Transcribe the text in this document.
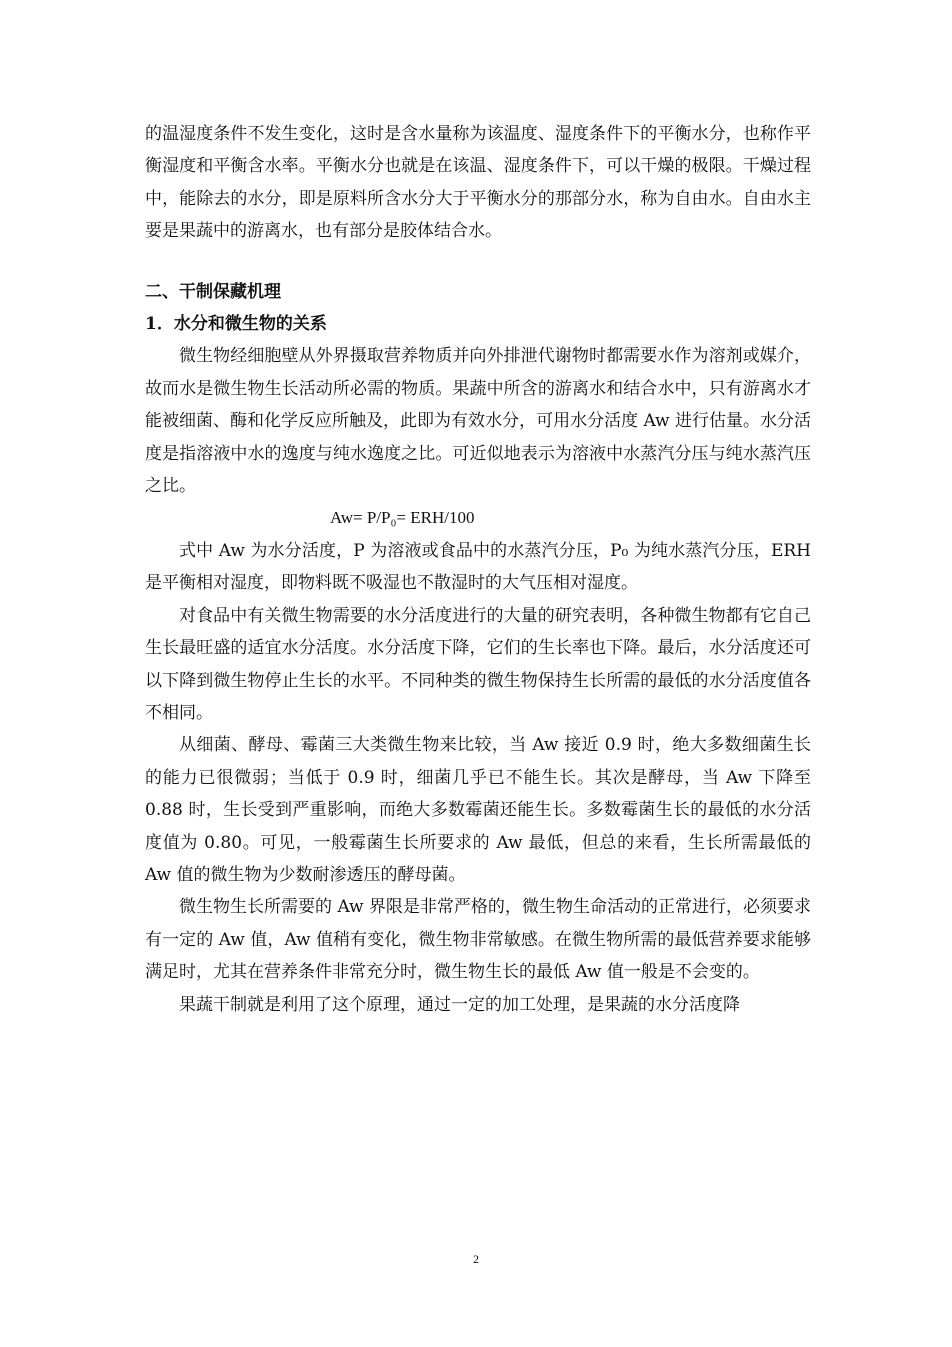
的温湿度条件不发生变化，这时是含水量称为该温度、湿度条件下的平衡水分，也称作平衡湿度和平衡含水率。平衡水分也就是在该温、湿度条件下，可以干燥的极限。干燥过程中，能除去的水分，即是原料所含水分大于平衡水分的那部分水，称为自由水。自由水主要是果蔬中的游离水，也有部分是胶体结合水。

二、干制保藏机理
1．水分和微生物的关系

微生物经细胞壁从外界摄取营养物质并向外排泄代谢物时都需要水作为溶剂或媒介，故而水是微生物生长活动所必需的物质。果蔬中所含的游离水和结合水中，只有游离水才能被细菌、酶和化学反应所触及，此即为有效水分，可用水分活度 Aw 进行估量。水分活度是指溶液中水的逸度与纯水逸度之比。可近似地表示为溶液中水蒸汽分压与纯水蒸汽压之比。

Aw= P/P₀= ERH/100

式中 Aw 为水分活度，P 为溶液或食品中的水蒸汽分压，P₀ 为纯水蒸汽分压，ERH 是平衡相对湿度，即物料既不吸湿也不散湿时的大气压相对湿度。

对食品中有关微生物需要的水分活度进行的大量的研究表明，各种微生物都有它自己生长最旺盛的适宜水分活度。水分活度下降，它们的生长率也下降。最后，水分活度还可以下降到微生物停止生长的水平。不同种类的微生物保持生长所需的最低的水分活度值各不相同。

从细菌、酵母、霉菌三大类微生物来比较，当 Aw 接近 0.9 时，绝大多数细菌生长的能力已很微弱；当低于 0.9 时，细菌几乎已不能生长。其次是酵母，当 Aw 下降至 0.88 时，生长受到严重影响，而绝大多数霉菌还能生长。多数霉菌生长的最低的水分活度值为 0.80。可见，一般霉菌生长所要求的 Aw 最低，但总的来看，生长所需最低的 Aw 值的微生物为少数耐渗透压的酵母菌。

微生物生长所需要的 Aw 界限是非常严格的，微生物生命活动的正常进行，必须要求有一定的 Aw 值，Aw 值稍有变化，微生物非常敏感。在微生物所需的最低营养要求能够满足时，尤其在营养条件非常充分时，微生物生长的最低 Aw 值一般是不会变的。

果蔬干制就是利用了这个原理，通过一定的加工处理，是果蔬的水分活度降

2
